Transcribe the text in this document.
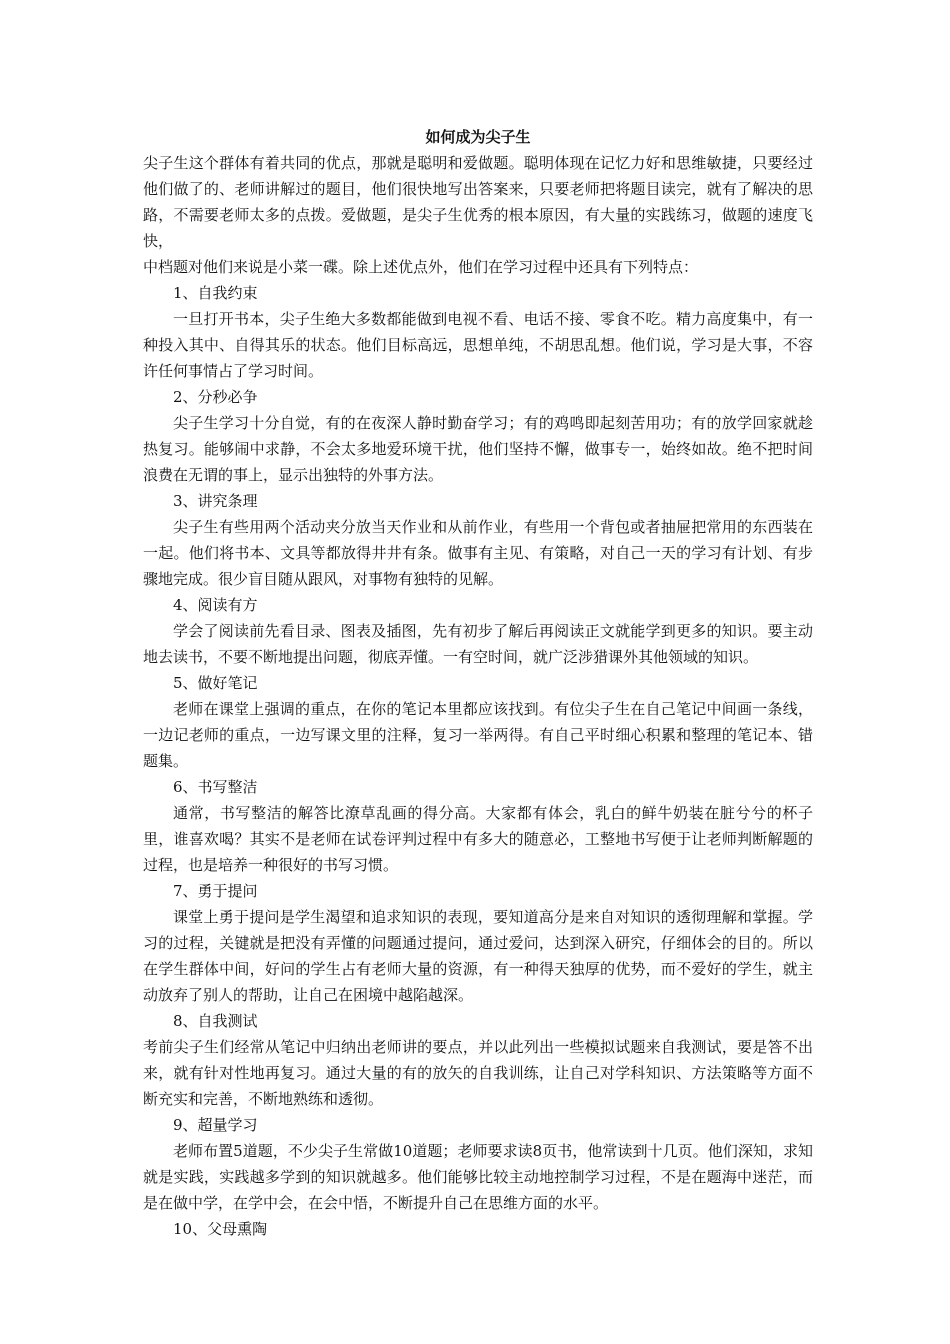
如何成为尖子生

尖子生这个群体有着共同的优点，那就是聪明和爱做题。聪明体现在记忆力好和思维敏捷，只要经过他们做了的、老师讲解过的题目，他们很快地写出答案来，只要老师把将题目读完，就有了解决的思路，不需要老师太多的点拨。爱做题，是尖子生优秀的根本原因，有大量的实践练习，做题的速度飞快，

中档题对他们来说是小菜一碟。除上述优点外，他们在学习过程中还具有下列特点：

1、自我约束

一旦打开书本，尖子生绝大多数都能做到电视不看、电话不接、零食不吃。精力高度集中，有一种投入其中、自得其乐的状态。他们目标高远，思想单纯，不胡思乱想。他们说，学习是大事，不容许任何事情占了学习时间。

2、分秒必争

尖子生学习十分自觉，有的在夜深人静时勤奋学习；有的鸡鸣即起刻苦用功；有的放学回家就趁热复习。能够闹中求静，不会太多地爱环境干扰，他们坚持不懈，做事专一，始终如故。绝不把时间浪费在无谓的事上，显示出独特的外事方法。

3、讲究条理

尖子生有些用两个活动夹分放当天作业和从前作业，有些用一个背包或者抽屉把常用的东西装在一起。他们将书本、文具等都放得井井有条。做事有主见、有策略，对自己一天的学习有计划、有步骤地完成。很少盲目随从跟风，对事物有独特的见解。

4、阅读有方

学会了阅读前先看目录、图表及插图，先有初步了解后再阅读正文就能学到更多的知识。要主动地去读书，不要不断地提出问题，彻底弄懂。一有空时间，就广泛涉猎课外其他领域的知识。

5、做好笔记

老师在课堂上强调的重点，在你的笔记本里都应该找到。有位尖子生在自己笔记中间画一条线，一边记老师的重点，一边写课文里的注释，复习一举两得。有自己平时细心积累和整理的笔记本、错题集。

6、书写整洁

通常，书写整洁的解答比潦草乱画的得分高。大家都有体会，乳白的鲜牛奶装在脏兮兮的杯子里，谁喜欢喝？其实不是老师在试卷评判过程中有多大的随意必，工整地书写便于让老师判断解题的过程，也是培养一种很好的书写习惯。

7、勇于提问

课堂上勇于提问是学生渴望和追求知识的表现，要知道高分是来自对知识的透彻理解和掌握。学习的过程，关键就是把没有弄懂的问题通过提问，通过爱问，达到深入研究，仔细体会的目的。所以在学生群体中间，好问的学生占有老师大量的资源，有一种得天独厚的优势，而不爱好的学生，就主动放弃了别人的帮助，让自己在困境中越陷越深。

8、自我测试

考前尖子生们经常从笔记中归纳出老师讲的要点，并以此列出一些模拟试题来自我测试，要是答不出来，就有针对性地再复习。通过大量的有的放矢的自我训练，让自己对学科知识、方法策略等方面不断充实和完善，不断地熟练和透彻。

9、超量学习

老师布置5道题，不少尖子生常做10道题；老师要求读8页书，他常读到十几页。他们深知，求知就是实践，实践越多学到的知识就越多。他们能够比较主动地控制学习过程，不是在题海中迷茫，而是在做中学，在学中会，在会中悟，不断提升自己在思维方面的水平。

10、父母熏陶
